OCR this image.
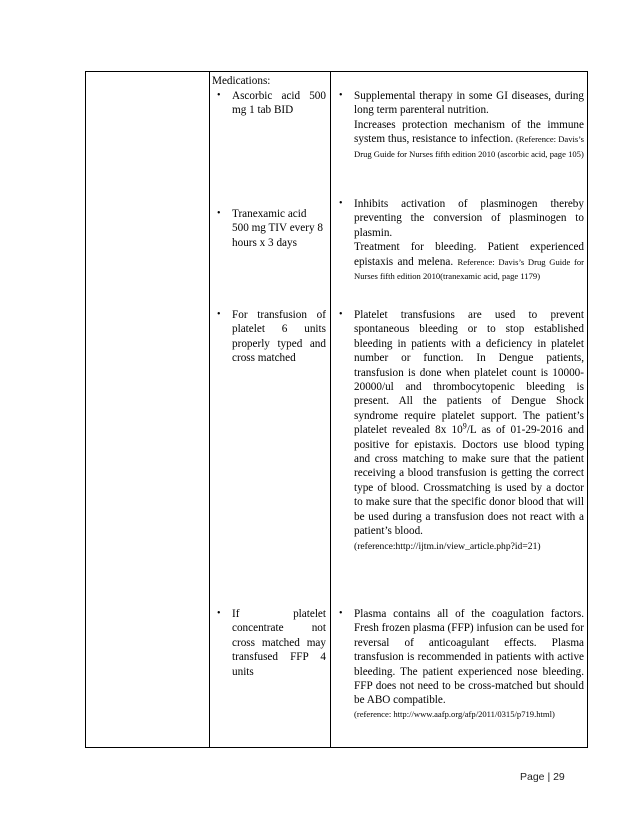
Medications:
• Ascorbic acid 500 mg 1 tab BID
• Supplemental therapy in some GI diseases, during long term parenteral nutrition.
Increases protection mechanism of the immune system thus, resistance to infection. (Reference: Davis’s Drug Guide for Nurses fifth edition 2010 (ascorbic acid, page 105)
• Tranexamic acid 500 mg TIV every 8 hours x 3 days
• Inhibits activation of plasminogen thereby preventing the conversion of plasminogen to plasmin.
Treatment for bleeding. Patient experienced epistaxis and melena. Reference: Davis’s Drug Guide for Nurses fifth edition 2010(tranexamic acid, page 1179)
• For transfusion of platelet 6 units properly typed and cross matched
• Platelet transfusions are used to prevent spontaneous bleeding or to stop established bleeding in patients with a deficiency in platelet number or function. In Dengue patients, transfusion is done when platelet count is 10000-20000/ul and thrombocytopenic bleeding is present. All the patients of Dengue Shock syndrome require platelet support. The patient’s platelet revealed 8x $10^9/L$ as of 01-29-2016 and positive for epistaxis. Doctors use blood typing and cross matching to make sure that the patient receiving a blood transfusion is getting the correct type of blood. Crossmatching is used by a doctor to make sure that the specific donor blood that will be used during a transfusion does not react with a patient’s blood.
(reference:http://ijtm.in/view_article.php?id=21)
• If platelet concentrate not cross matched may transfused FFP 4 units
• Plasma contains all of the coagulation factors. Fresh frozen plasma (FFP) infusion can be used for reversal of anticoagulant effects. Plasma transfusion is recommended in patients with active bleeding. The patient experienced nose bleeding. FFP does not need to be cross-matched but should be ABO compatible.
(reference: http://www.aafp.org/afp/2011/0315/p719.html)
Page | 29
